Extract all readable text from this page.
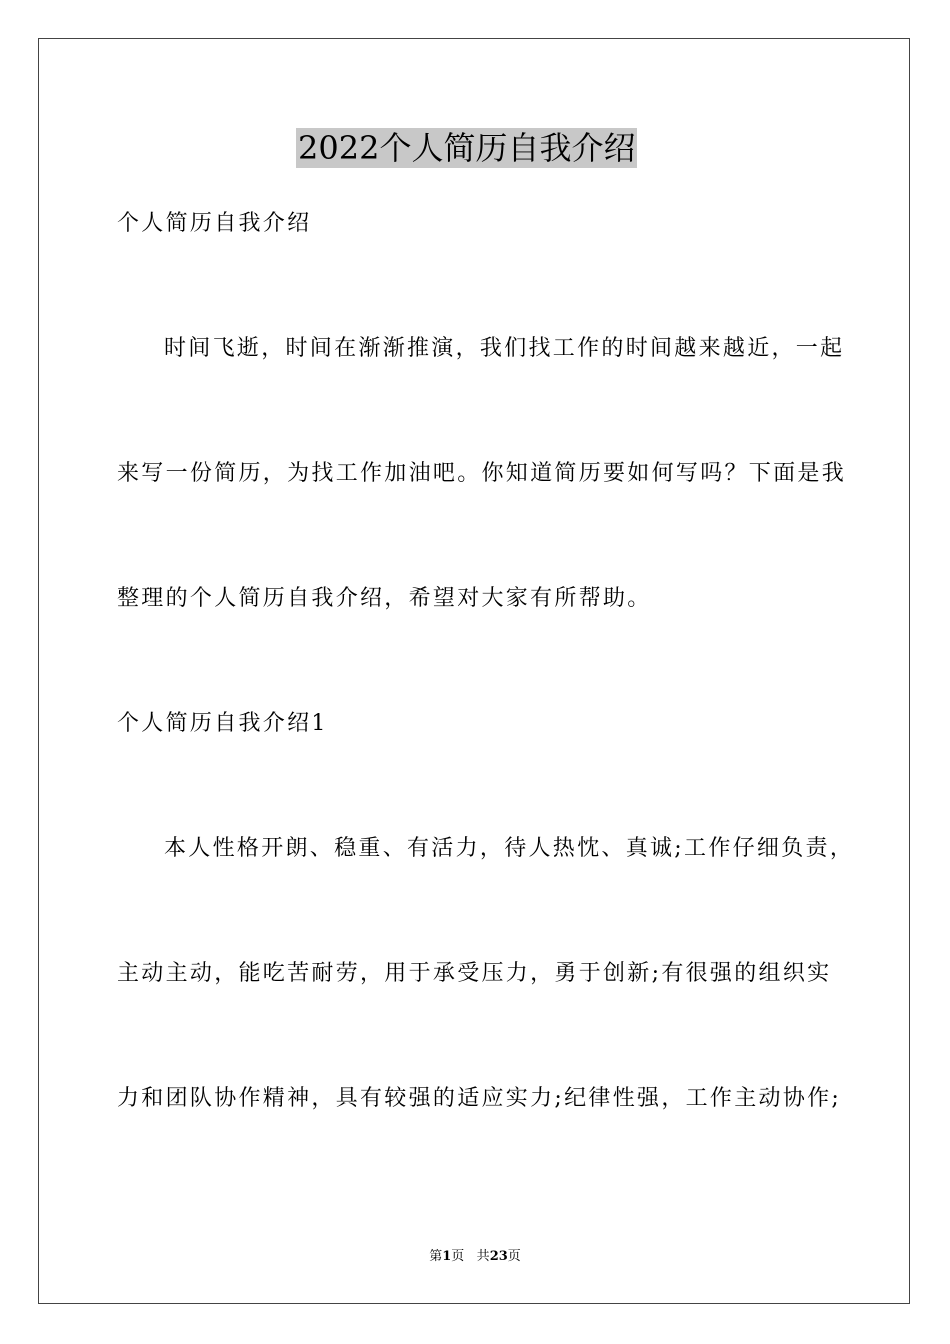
2022个人简历自我介绍
个人简历自我介绍
时间飞逝，时间在渐渐推演，我们找工作的时间越来越近，一起
来写一份简历，为找工作加油吧。你知道简历要如何写吗？下面是我
整理的个人简历自我介绍，希望对大家有所帮助。
个人简历自我介绍1
本人性格开朗、稳重、有活力，待人热忱、真诚;工作仔细负责，
主动主动，能吃苦耐劳，用于承受压力，勇于创新;有很强的组织实
力和团队协作精神，具有较强的适应实力;纪律性强，工作主动协作;
第1页 共23页
